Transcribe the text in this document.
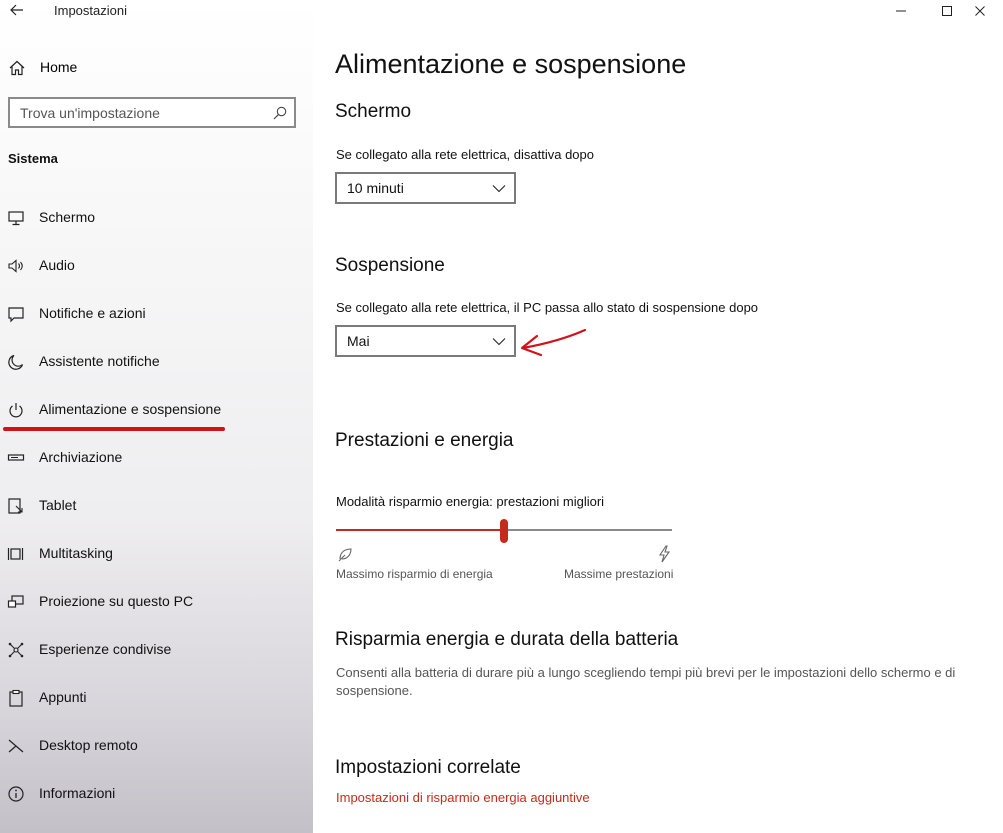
Impostazioni
Home
Trova un'impostazione
Sistema
Schermo
Audio
Notifiche e azioni
Assistente notifiche
Alimentazione e sospensione
Archiviazione
Tablet
Multitasking
Proiezione su questo PC
Esperienze condivise
Appunti
Desktop remoto
Informazioni
Alimentazione e sospensione
Schermo
Se collegato alla rete elettrica, disattiva dopo
10 minuti
Sospensione
Se collegato alla rete elettrica, il PC passa allo stato di sospensione dopo
Mai
Prestazioni e energia
Modalità risparmio energia: prestazioni migliori
Massimo risparmio di energia	Massime prestazioni
Risparmia energia e durata della batteria
Consenti alla batteria di durare più a lungo scegliendo tempi più brevi per le impostazioni dello schermo e di sospensione.
Impostazioni correlate
Impostazioni di risparmio energia aggiuntive
